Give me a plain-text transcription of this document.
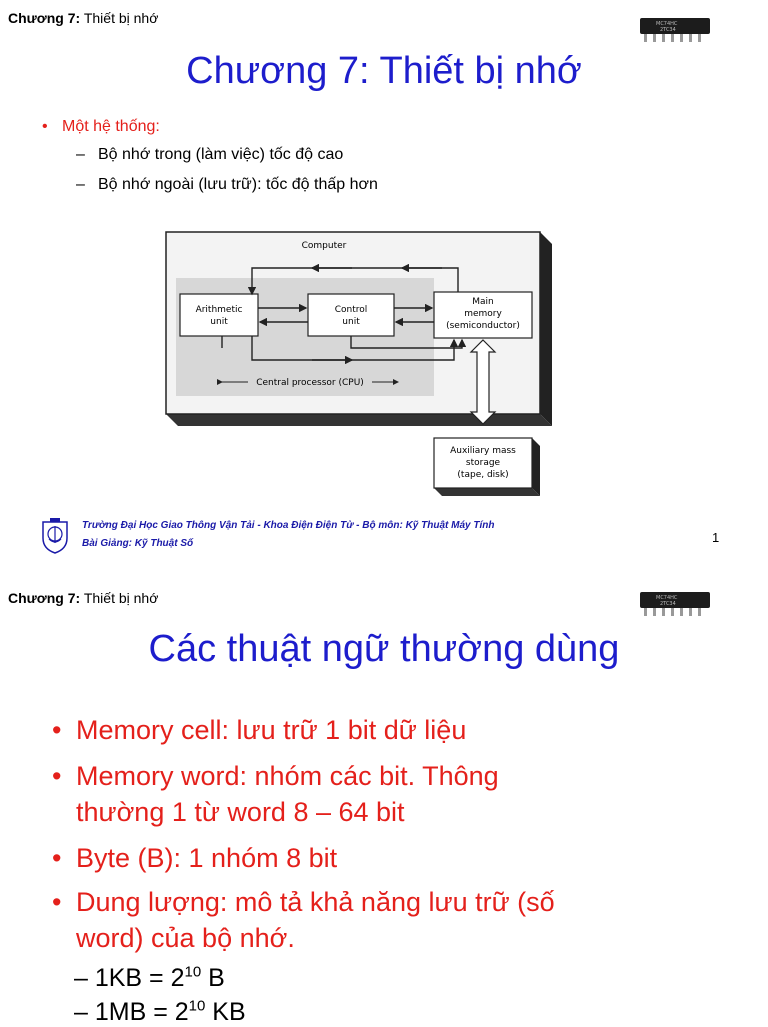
Chương 7: Thiết bị nhớ	MC74HC
2TC34
Chương 7: Thiết bị nhớ
• Một hệ thống:
– Bộ nhớ trong (làm việc) tốc độ cao
– Bộ nhớ ngoài (lưu trữ): tốc độ thấp hơn
Computer
Arithmetic
unit
Control
unit
Main
memory
(semiconductor)
Central processor (CPU)
Auxiliary mass
storage
(tape, disk)
Trường Đại Học Giao Thông Vận Tải - Khoa Điện Điện Tử - Bộ môn: Kỹ Thuật Máy Tính
Bài Giảng: Kỹ Thuật Số	1
Chương 7: Thiết bị nhớ	MC74HC
2TC34
Các thuật ngữ thường dùng
• Memory cell: lưu trữ 1 bit dữ liệu
• Memory word: nhóm các bit. Thông
thường 1 từ word 8 – 64 bit
• Byte (B): 1 nhóm 8 bit
• Dung lượng: mô tả khả năng lưu trữ (số
word) của bộ nhớ.
– $1KB = 2^{10}$ B
– $1MB = 2^{10}$ KB
